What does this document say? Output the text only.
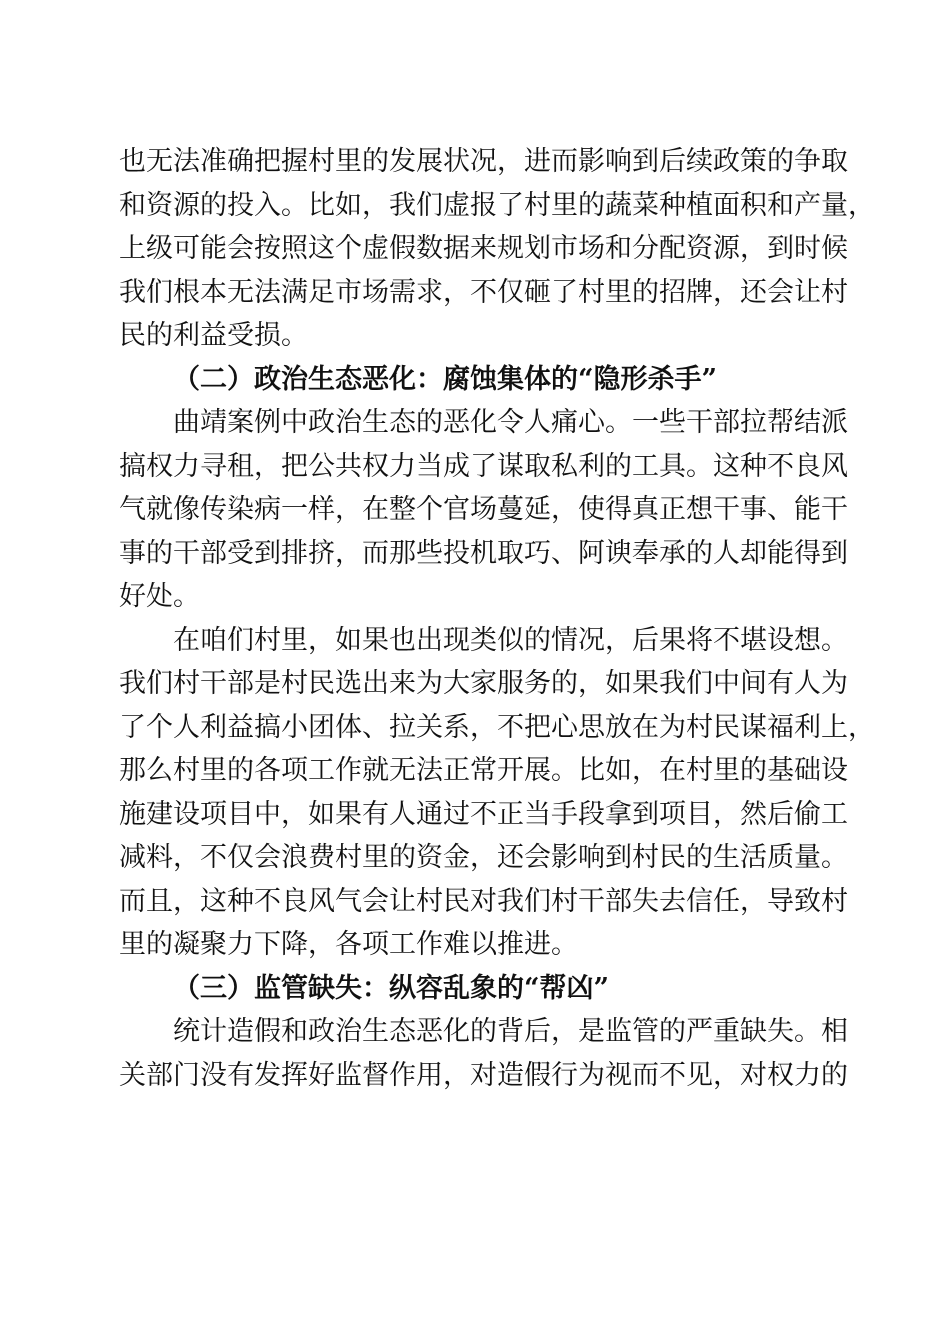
也无法准确把握村里的发展状况，进而影响到后续政策的争取
和资源的投入。比如，我们虚报了村里的蔬菜种植面积和产量，
上级可能会按照这个虚假数据来规划市场和分配资源，到时候
我们根本无法满足市场需求，不仅砸了村里的招牌，还会让村
民的利益受损。
（二）政治生态恶化：腐蚀集体的“隐形杀手”
曲靖案例中政治生态的恶化令人痛心。一些干部拉帮结派
搞权力寻租，把公共权力当成了谋取私利的工具。这种不良风
气就像传染病一样，在整个官场蔓延，使得真正想干事、能干
事的干部受到排挤，而那些投机取巧、阿谀奉承的人却能得到
好处。
在咱们村里，如果也出现类似的情况，后果将不堪设想。
我们村干部是村民选出来为大家服务的，如果我们中间有人为
了个人利益搞小团体、拉关系，不把心思放在为村民谋福利上，
那么村里的各项工作就无法正常开展。比如，在村里的基础设
施建设项目中，如果有人通过不正当手段拿到项目，然后偷工
减料，不仅会浪费村里的资金，还会影响到村民的生活质量。
而且，这种不良风气会让村民对我们村干部失去信任，导致村
里的凝聚力下降，各项工作难以推进。
（三）监管缺失：纵容乱象的“帮凶”
统计造假和政治生态恶化的背后，是监管的严重缺失。相
关部门没有发挥好监督作用，对造假行为视而不见，对权力的
